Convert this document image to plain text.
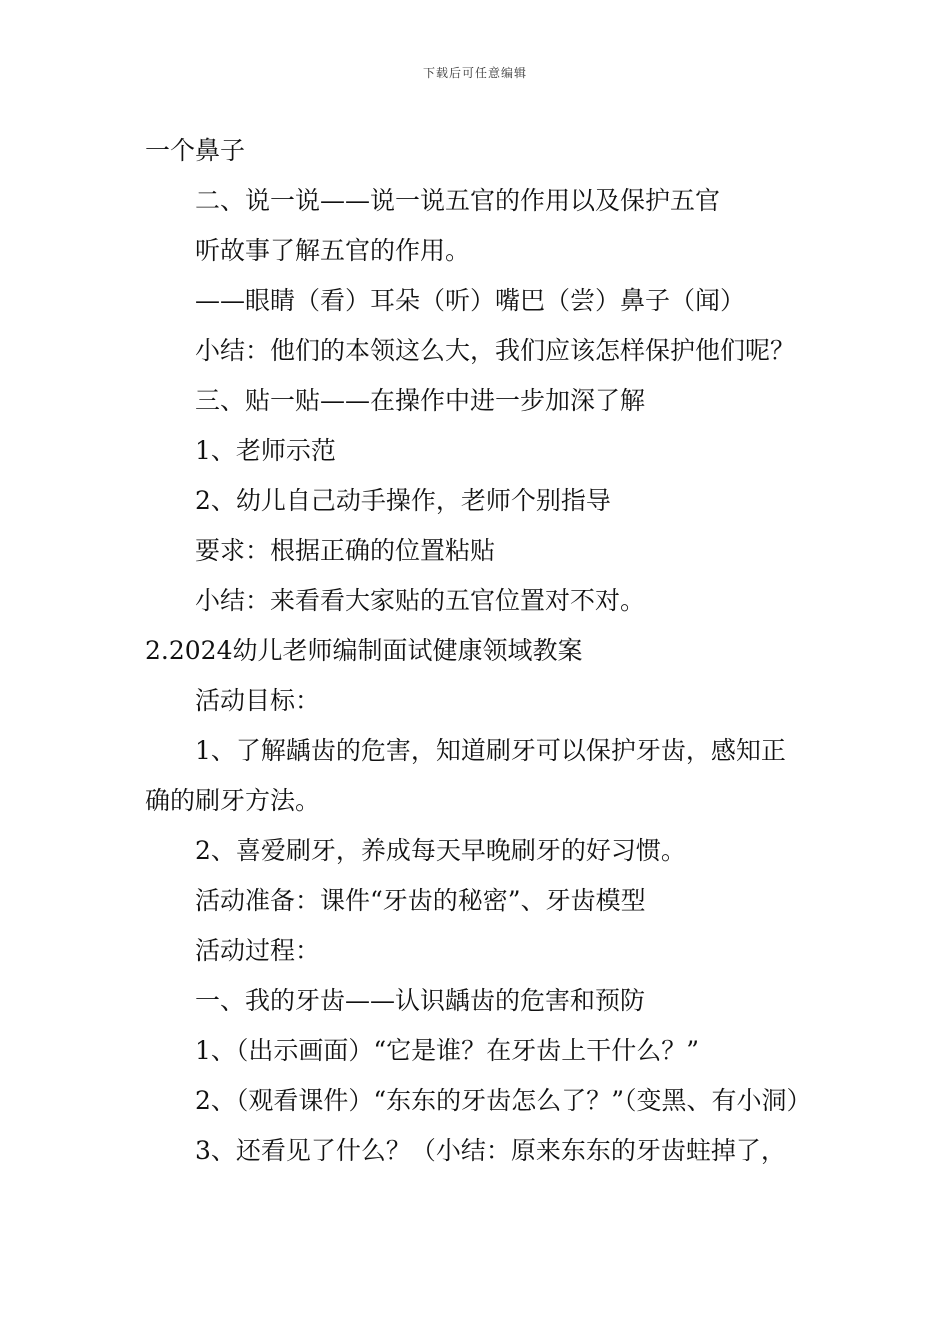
下载后可任意编辑

一个鼻子

二、说一说——说一说五官的作用以及保护五官

听故事了解五官的作用。

——眼睛（看）耳朵（听）嘴巴（尝）鼻子（闻）

小结：他们的本领这么大，我们应该怎样保护他们呢？

三、贴一贴——在操作中进一步加深了解

1、老师示范

2、幼儿自己动手操作，老师个别指导

要求：根据正确的位置粘贴

小结：来看看大家贴的五官位置对不对。

2.2024幼儿老师编制面试健康领域教案

活动目标：

1、了解龋齿的危害，知道刷牙可以保护牙齿，感知正确的刷牙方法。

2、喜爱刷牙，养成每天早晚刷牙的好习惯。

活动准备：课件“牙齿的秘密”、牙齿模型

活动过程：

一、我的牙齿——认识龋齿的危害和预防

1、（出示画面）“它是谁？在牙齿上干什么？”

2、（观看课件）“东东的牙齿怎么了？”（变黑、有小洞）

3、还看见了什么？（小结：原来东东的牙齿蛀掉了，
